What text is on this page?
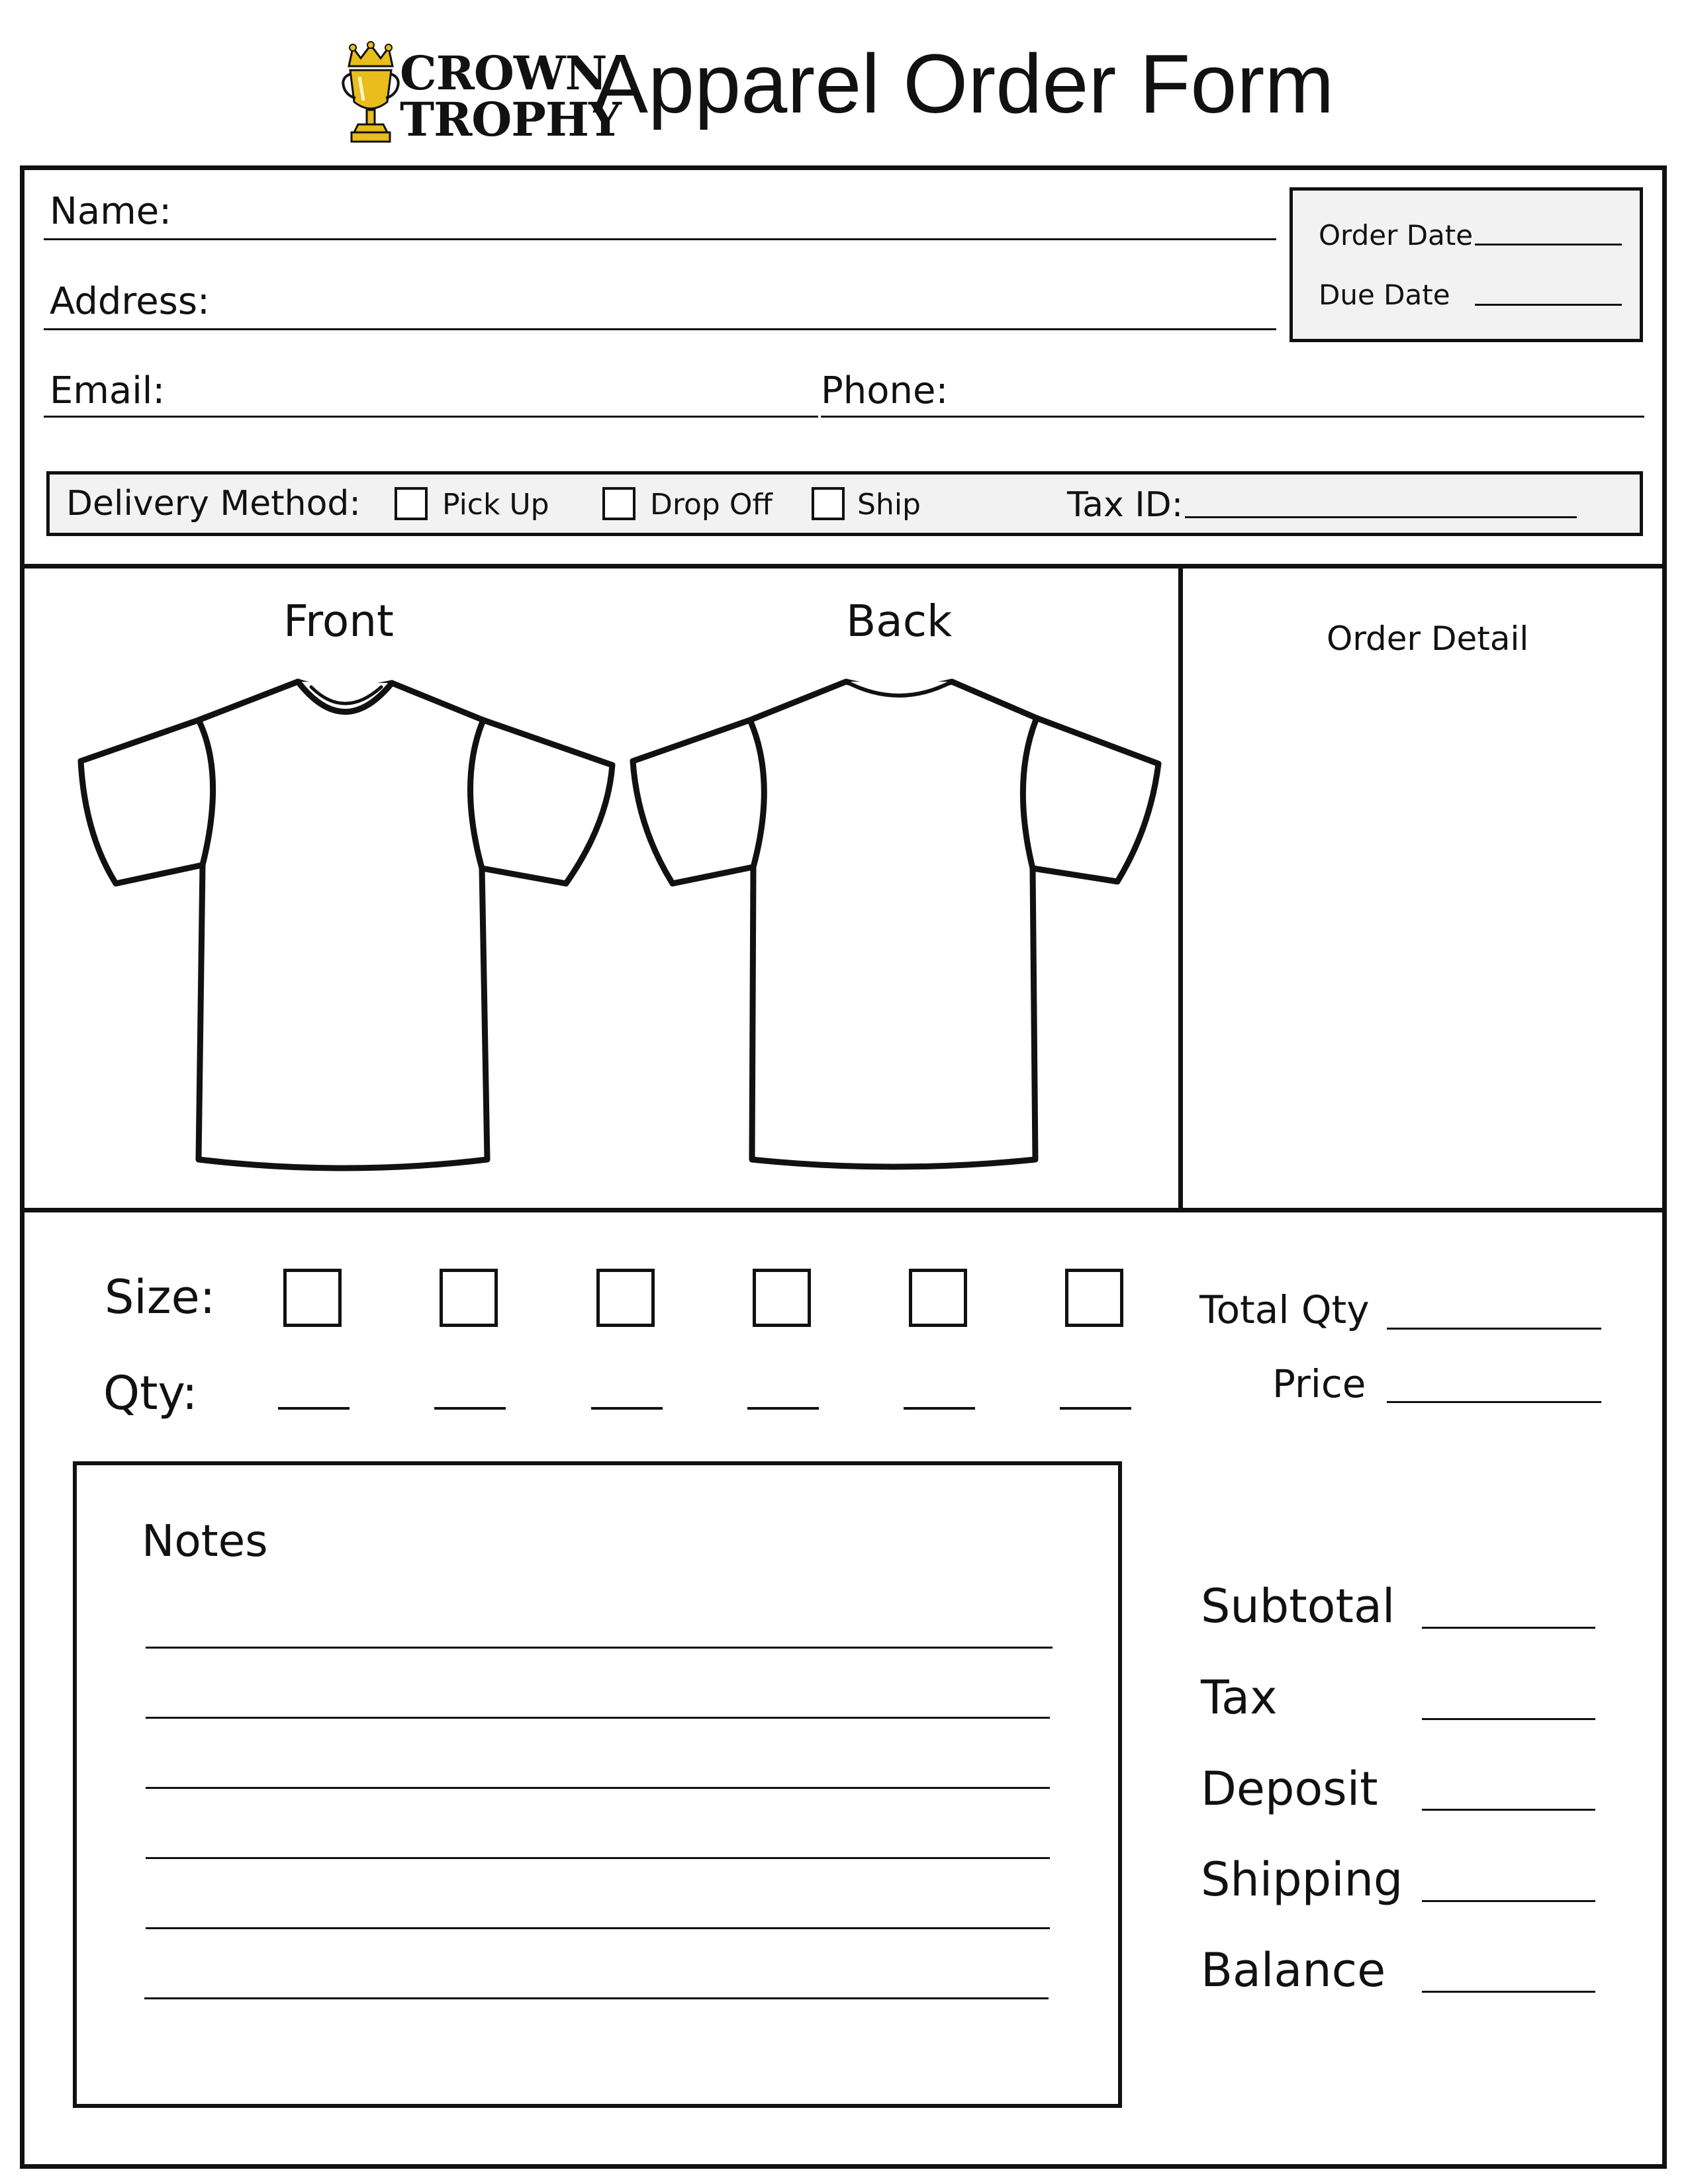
CROWN
TROPHY
Apparel Order Form
Name:
Address:
Email:	Phone:
Order Date
Due Date
Delivery Method:	Pick Up	Drop Off	Ship	Tax ID:
Front	Back	Order Detail
Size:
Qty:
Total Qty
Price
Notes
Subtotal
Tax
Deposit
Shipping
Balance
